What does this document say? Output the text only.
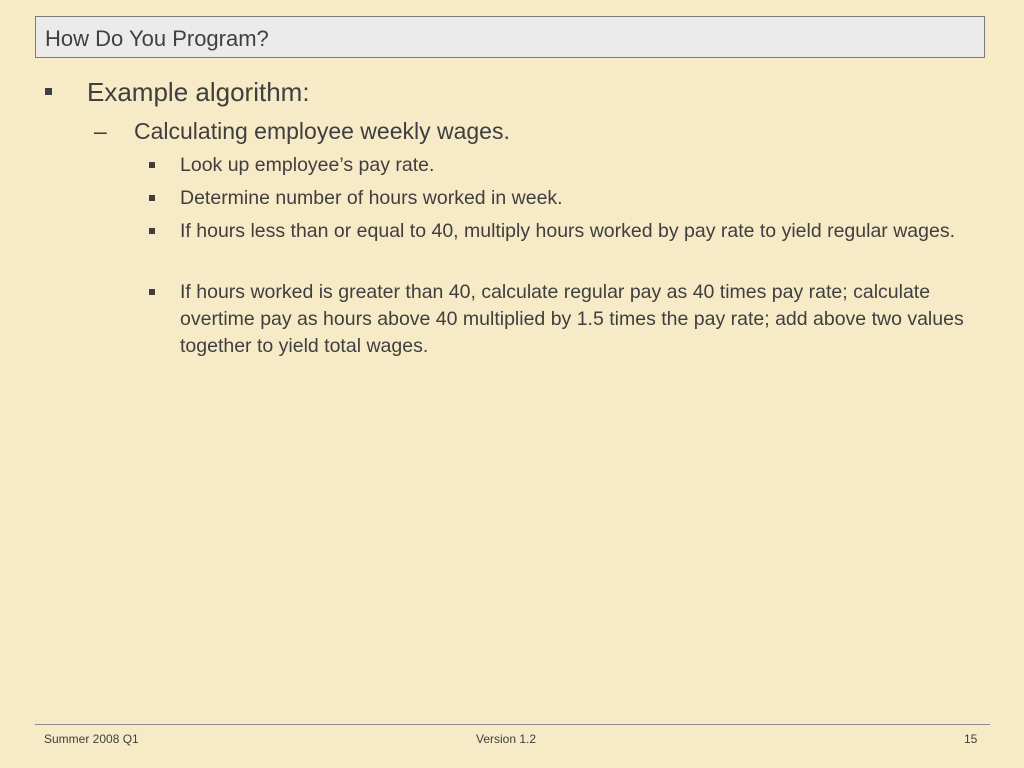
How Do You Program?
Example algorithm:
– Calculating employee weekly wages.
Look up employee’s pay rate.
Determine number of hours worked in week.
If hours less than or equal to 40, multiply hours worked by pay rate to yield regular wages.
If hours worked is greater than 40, calculate regular pay as 40 times pay rate; calculate overtime pay as hours above 40 multiplied by 1.5 times the pay rate; add above two values together to yield total wages.
Summer 2008 Q1	Version 1.2	15
